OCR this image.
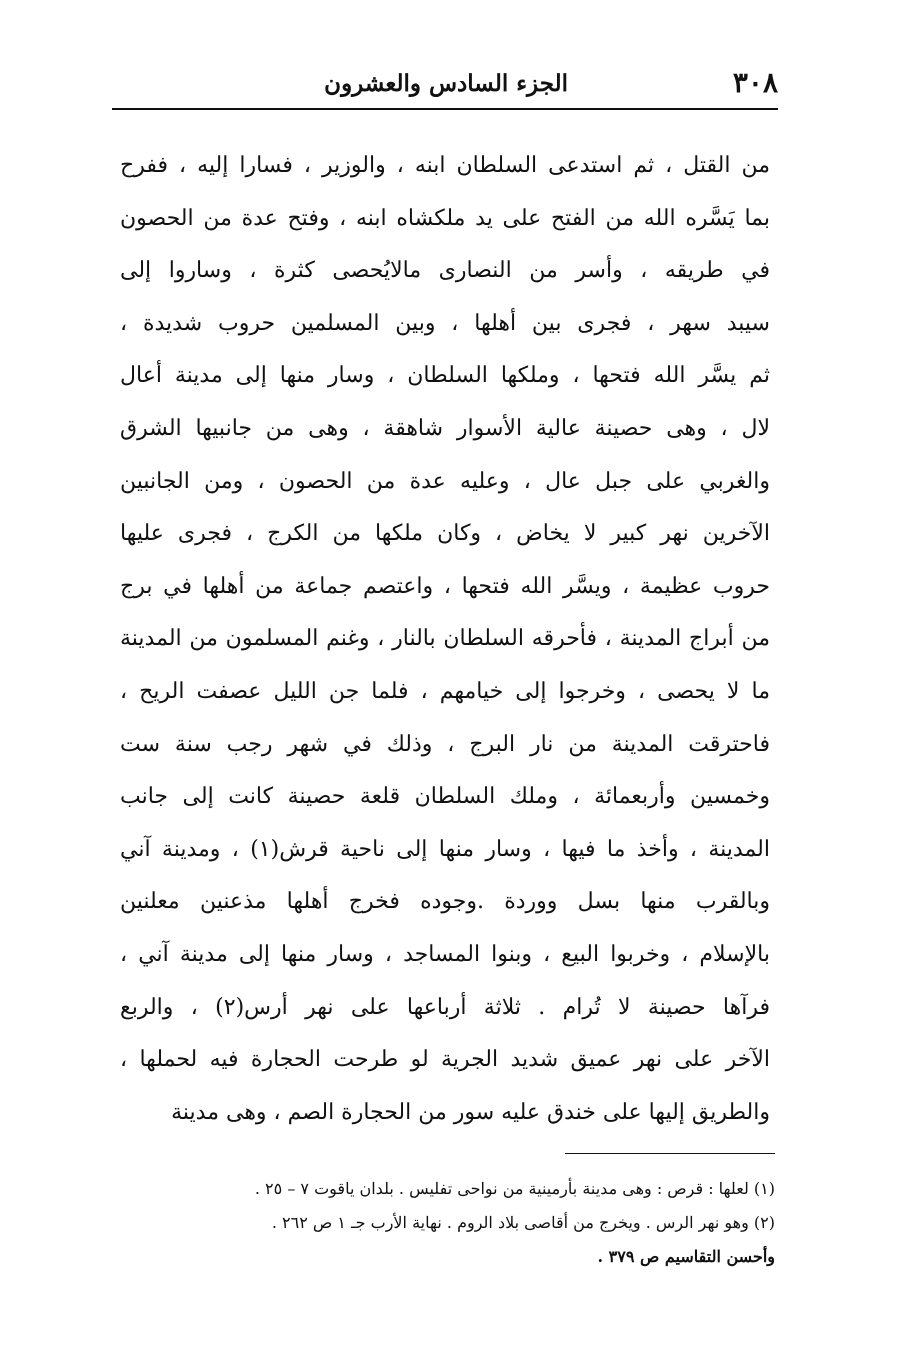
٣٠٨
الجزء السادس والعشرون
من القتل ، ثم استدعى السلطان ابنه ، والوزير ، فسارا إليه ، ففرح
بما يَسَّره الله من الفتح على يد ملكشاه ابنه ، وفتح عدة من الحصون
في طريقه ، وأسر من النصارى مالايُحصى كثرة ، وساروا إلى
سيبد سهر ، فجرى بين أهلها ، وبين المسلمين حروب شديدة ،
ثم يسَّر الله فتحها ، وملكها السلطان ، وسار منها إلى مدينة أعال
لال ، وهى حصينة عالية الأسوار شاهقة ، وهى من جانبيها الشرق
والغربي على جبل عال ، وعليه عدة من الحصون ، ومن الجانبين
الآخرين نهر كبير لا يخاض ، وكان ملكها من الكرج ، فجرى عليها
حروب عظيمة ، ويسَّر الله فتحها ، واعتصم جماعة من أهلها في برج
من أبراج المدينة ، فأحرقه السلطان بالنار ، وغنم المسلمون من المدينة
ما لا يحصى ، وخرجوا إلى خيامهم ، فلما جن الليل عصفت الريح ،
فاحترقت المدينة من نار البرج ، وذلك في شهر رجب سنة ست
وخمسين وأربعمائة ، وملك السلطان قلعة حصينة كانت إلى جانب
المدينة ، وأخذ ما فيها ، وسار منها إلى ناحية قرش(١) ، ومدينة آني
وبالقرب منها بسل ووردة .وجوده فخرج أهلها مذعنين معلنين
بالإسلام ، وخربوا البيع ، وبنوا المساجد ، وسار منها إلى مدينة آني ،
فرآها حصينة لا تُرام . ثلاثة أرباعها على نهر أرس(٢) ، والربع
الآخر على نهر عميق شديد الجرية لو طرحت الحجارة فيه لحملها ،
والطريق إليها على خندق عليه سور من الحجارة الصم ، وهى مدينة
(١) لعلها : قرص : وهى مدينة بأرمينية من نواحى تفليس . بلدان ياقوت ٧ – ٢٥ .
(٢) وهو نهر الرس . ويخرج من أقاصى بلاد الروم . نهاية الأرب جـ ١ ص ٢٦٢ .
وأحسن التقاسيم ص ٣٧٩ .
